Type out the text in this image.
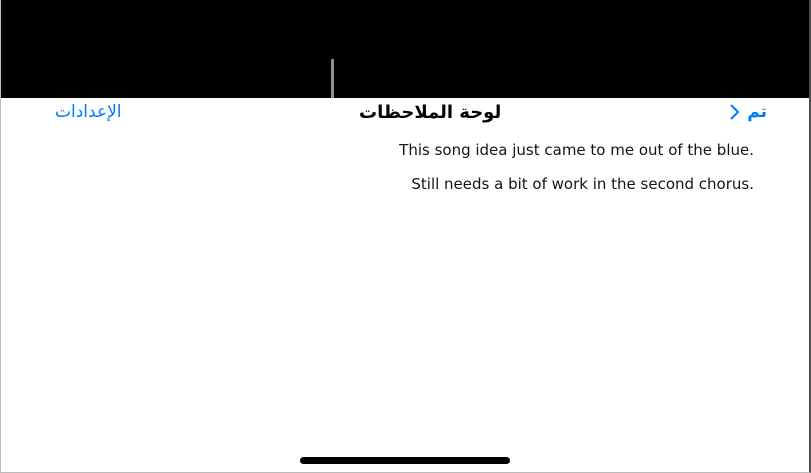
الإعدادات	لوحة الملاحظات	تم

This song idea just came to me out of the blue.

Still needs a bit of work in the second chorus.
